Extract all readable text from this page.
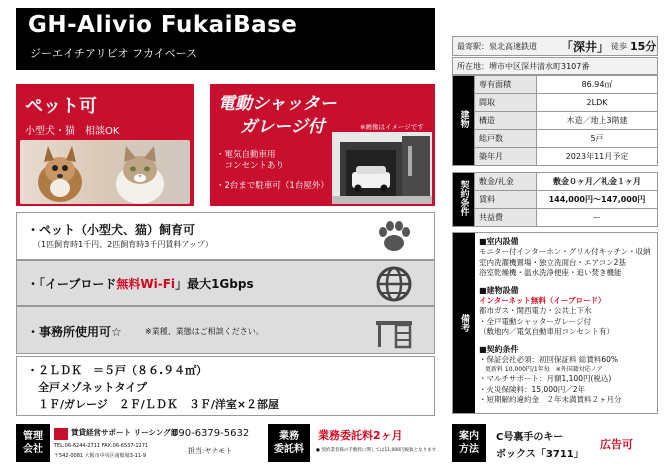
GH-Alivio FukaiBase
ジーエイチアリビオ フカイベース
ペット可
小型犬・猫　相談OK
電動シャッター
ガレージ付	※画像はイメージです
・電気自動車用
　コンセントあり
・2台まで駐車可（1台屋外）
・ペット（小型犬、猫）飼育可
（1匹飼育時1千円、2匹飼育時3千円賃料アップ）
・「イーブロード無料Wi-Fi」最大1Gbps
・事務所使用可☆	※業種、業態はご相談ください。
・２ＬＤＫ　＝５戸（８６.９４㎡）
　全戸メゾネットタイプ
　１Ｆ/ガレージ　２Ｆ/ＬＤＫ　３Ｆ/洋室×２部屋
最寄駅：泉北高速鉄道 「深井」 徒歩 15分
所在地：堺市中区深井清水町3107番
建物	専有面積	86.94㎡
	間取	2LDK
	構造	木造／地上3階建
	総戸数	5戸
	築年月	2023年11月予定
契約条件	敷金/礼金	敷金０ヶ月／礼金１ヶ月
	賃料	144,000円〜147,000円
	共益費	ー
備考
■室内設備
モニター付インターホン・グリル付キッチン・収納
室内洗濯機置場・独立洗面台・エアコン2基
浴室乾燥機・温水洗浄便座・追い焚き機能
■建物設備
インターネット無料（イーブロード）
都市ガス・関西電力・公共上下水
・全戸電動シャッターガレージ付
（敷地内／電気自動車用コンセント有）
■契約条件
・保証会社必須：初回保証料 総賃料60%
　更新料 10,000円/1年毎　※外国籍対応ノア
・マルチサポート：月額1,100円(税込)
・火災保険料：15,000円／2年
・短期解約違約金　２年未満賃料２ヶ月分
管理
会社
賃貸経営サポート リーシング部
TEL:06-6244-2711 FAX:06-6537-1271
〒542-0081 大阪市中央区南船場3-11-9
090-6379-5632
担当:ヤナモト
業務
委託料
業務委託料2ヶ月
● 契約業者様の手数料に関しては11,000円税抜となります
案内
方法
C号裏手のキー
ボックス「3711」
広告可
